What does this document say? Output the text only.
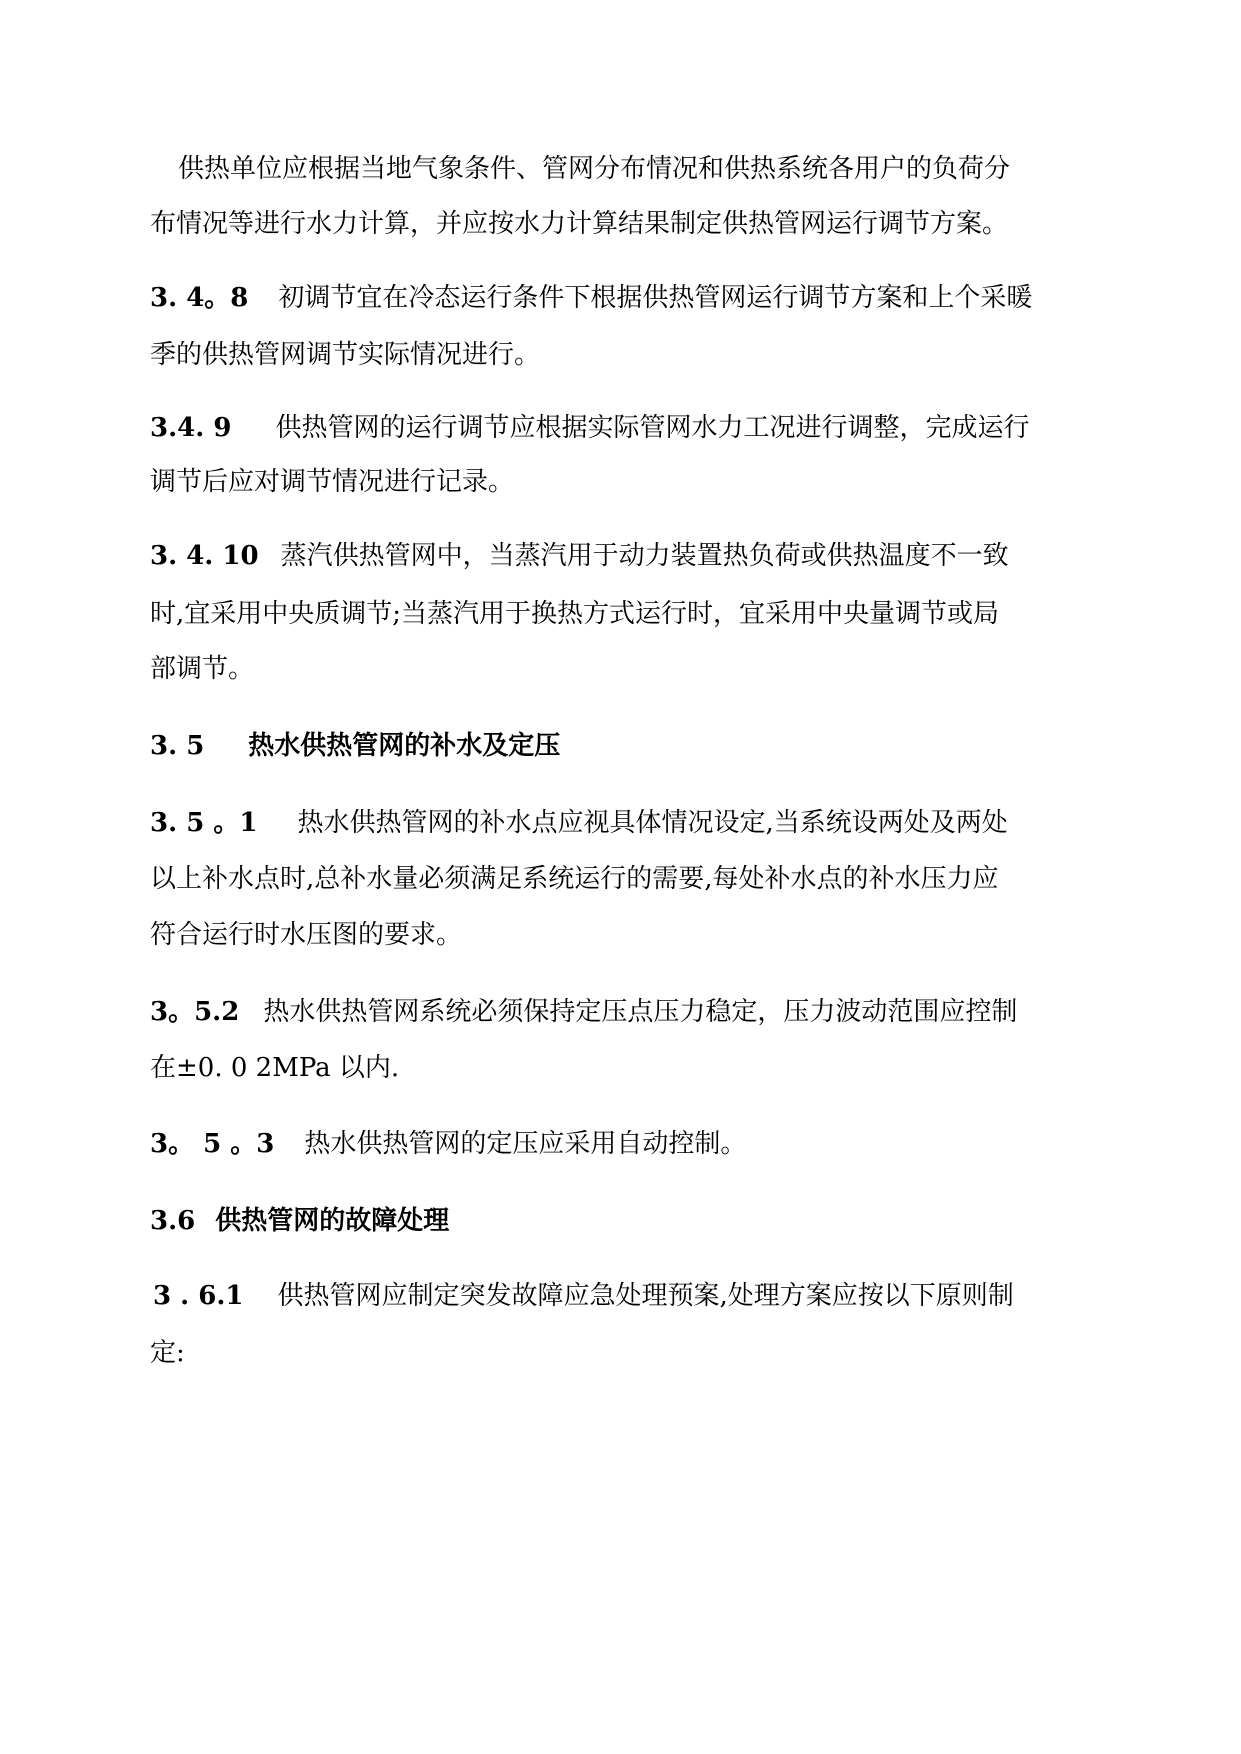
供热单位应根据当地气象条件、管网分布情况和供热系统各用户的负荷分
布情况等进行水力计算，并应按水力计算结果制定供热管网运行调节方案。
3. 4。8 初调节宜在冷态运行条件下根据供热管网运行调节方案和上个采暖
季的供热管网调节实际情况进行。
3.4. 9 供热管网的运行调节应根据实际管网水力工况进行调整，完成运行
调节后应对调节情况进行记录。
3. 4. 10 蒸汽供热管网中，当蒸汽用于动力装置热负荷或供热温度不一致
时,宜采用中央质调节;当蒸汽用于换热方式运行时，宜采用中央量调节或局
部调节。
3. 5 热水供热管网的补水及定压
3. 5 。1 热水供热管网的补水点应视具体情况设定,当系统设两处及两处
以上补水点时,总补水量必须满足系统运行的需要,每处补水点的补水压力应
符合运行时水压图的要求。
3。5.2 热水供热管网系统必须保持定压点压力稳定，压力波动范围应控制
在±0. 0 2MPa 以内.
3。 5 。3 热水供热管网的定压应采用自动控制。
3.6 供热管网的故障处理
3 . 6.1 供热管网应制定突发故障应急处理预案,处理方案应按以下原则制
定:
